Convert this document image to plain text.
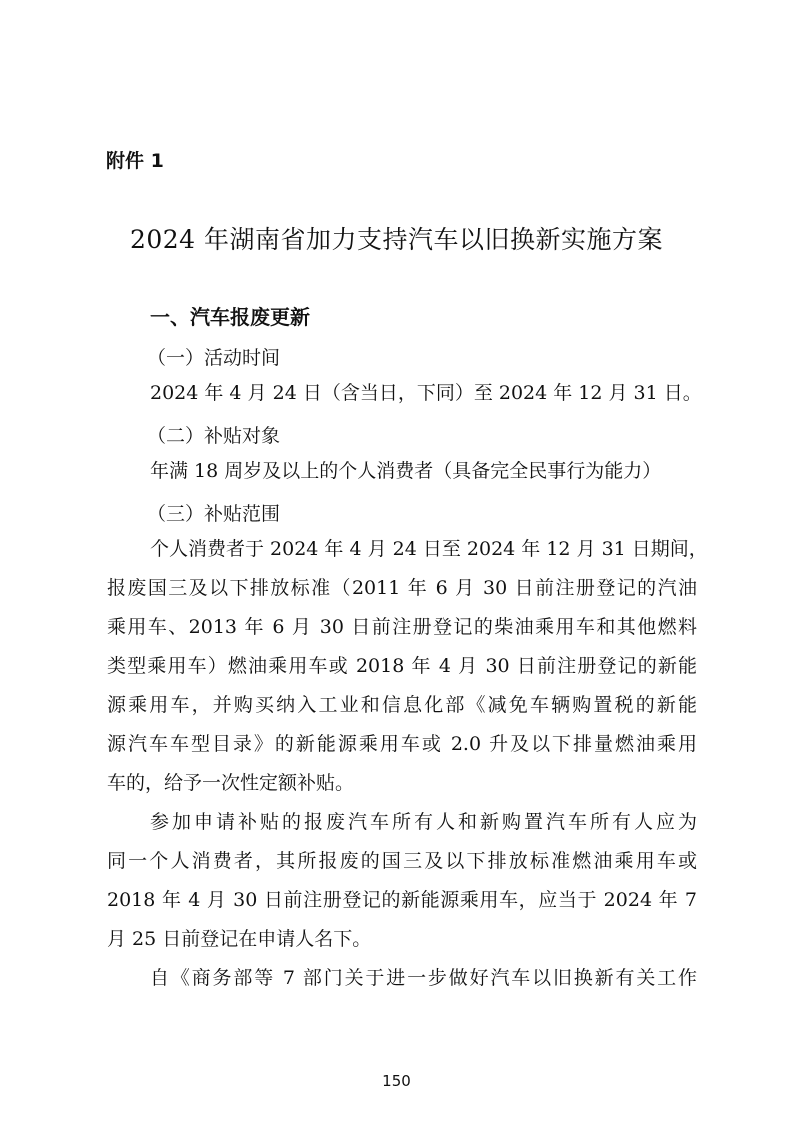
附件 1
2024 年湖南省加力支持汽车以旧换新实施方案
一、汽车报废更新
（一）活动时间
2024 年 4 月 24 日（含当日，下同）至 2024 年 12 月 31 日。
（二）补贴对象
年满 18 周岁及以上的个人消费者（具备完全民事行为能力）
（三）补贴范围
个人消费者于 2024 年 4 月 24 日至 2024 年 12 月 31 日期间，
报废国三及以下排放标准（2011 年 6 月 30 日前注册登记的汽油
乘用车、2013 年 6 月 30 日前注册登记的柴油乘用车和其他燃料
类型乘用车）燃油乘用车或 2018 年 4 月 30 日前注册登记的新能
源乘用车，并购买纳入工业和信息化部《减免车辆购置税的新能
源汽车车型目录》的新能源乘用车或 2.0 升及以下排量燃油乘用
车的，给予一次性定额补贴。
参加申请补贴的报废汽车所有人和新购置汽车所有人应为
同一个人消费者，其所报废的国三及以下排放标准燃油乘用车或
2018 年 4 月 30 日前注册登记的新能源乘用车，应当于 2024 年 7
月 25 日前登记在申请人名下。
自《商务部等 7 部门关于进一步做好汽车以旧换新有关工作
150
